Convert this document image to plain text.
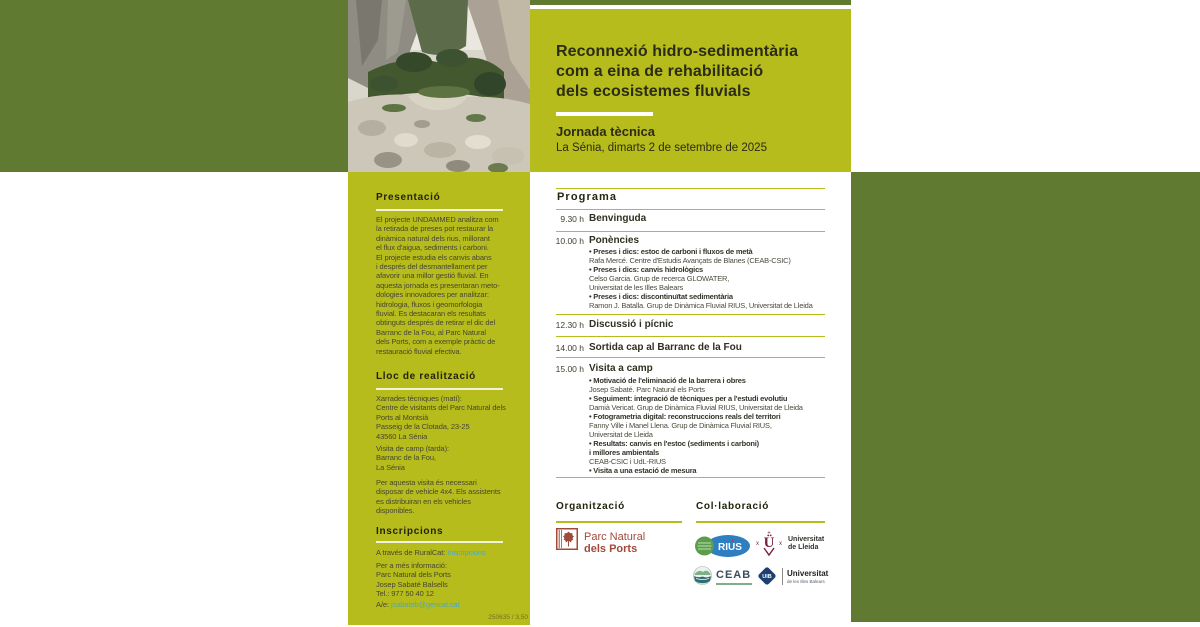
Reconnexió hidro-sedimentària
com a eina de rehabilitació
dels ecosistemes fluvials
Jornada tècnica
La Sénia, dimarts 2 de setembre de 2025
Presentació
El projecte UNDAMMED analitza com
la retirada de preses pot restaurar la
dinàmica natural dels rius, millorant
el flux d'aigua, sediments i carboni.
El projecte estudia els canvis abans
i després del desmantellament per
afavorir una millor gestió fluvial. En
aquesta jornada es presentaran meto-
dologies innovadores per analitzar:
hidrologia, fluxos i geomorfologia
fluvial. Es destacaran els resultats
obtinguts després de retirar el dic del
Barranc de la Fou, al Parc Natural
dels Ports, com a exemple pràctic de
restauració fluvial efectiva.
Lloc de realització
Xarrades tècniques (matí):
Centre de visitants del Parc Natural dels
Ports al Montsià
Passeig de la Clotada, 23-25
43560 La Sénia
Visita de camp (tarda):
Barranc de la Fou,
La Sénia
Per aquesta visita és necessari
disposar de vehicle 4x4. Els assistents
es distribuiran en els vehicles
disponibles.
Inscripcions
A través de RuralCat: Inscripcions
Per a més informació:
Parc Natural dels Ports
Josep Sabaté Balsells
Tel.: 977 50 40 12
A/e: jsabateb@gencat.cat
250635 / 3,50
Programa
9.30 h Benvinguda
10.00 h Ponències
• Preses i dics: estoc de carboni i fluxos de metà
Rafa Mercé. Centre d'Estudis Avançats de Blanes (CEAB-CSIC)
• Preses i dics: canvis hidrològics
Celso Garcia. Grup de recerca GLOWATER,
Universitat de les Illes Balears
• Preses i dics: discontinuïtat sedimentària
Ramon J. Batalla. Grup de Dinàmica Fluvial RIUS, Universitat de Lleida
12.30 h Discussió i pícnic
14.00 h Sortida cap al Barranc de la Fou
15.00 h Visita a camp
• Motivació de l'eliminació de la barrera i obres
Josep Sabaté. Parc Natural els Ports
• Seguiment: integració de tècniques per a l'estudi evolutiu
Damià Vericat. Grup de Dinàmica Fluvial RIUS, Universitat de Lleida
• Fotogrametria digital: reconstruccions reals del territori
Fanny Ville i Manel Llena. Grup de Dinàmica Fluvial RIUS,
Universitat de Lleida
• Resultats: canvis en l'estoc (sediments i carboni)
i millores ambientals
CEAB-CSIC i UdL-RIUS
• Visita a una estació de mesura
Organització	Col·laboració
Parc Natural
dels Ports	RIUS Ü
+
x	x
Universitat
de Lleida
CEAB UIB Universitat
de les Illes Balears
